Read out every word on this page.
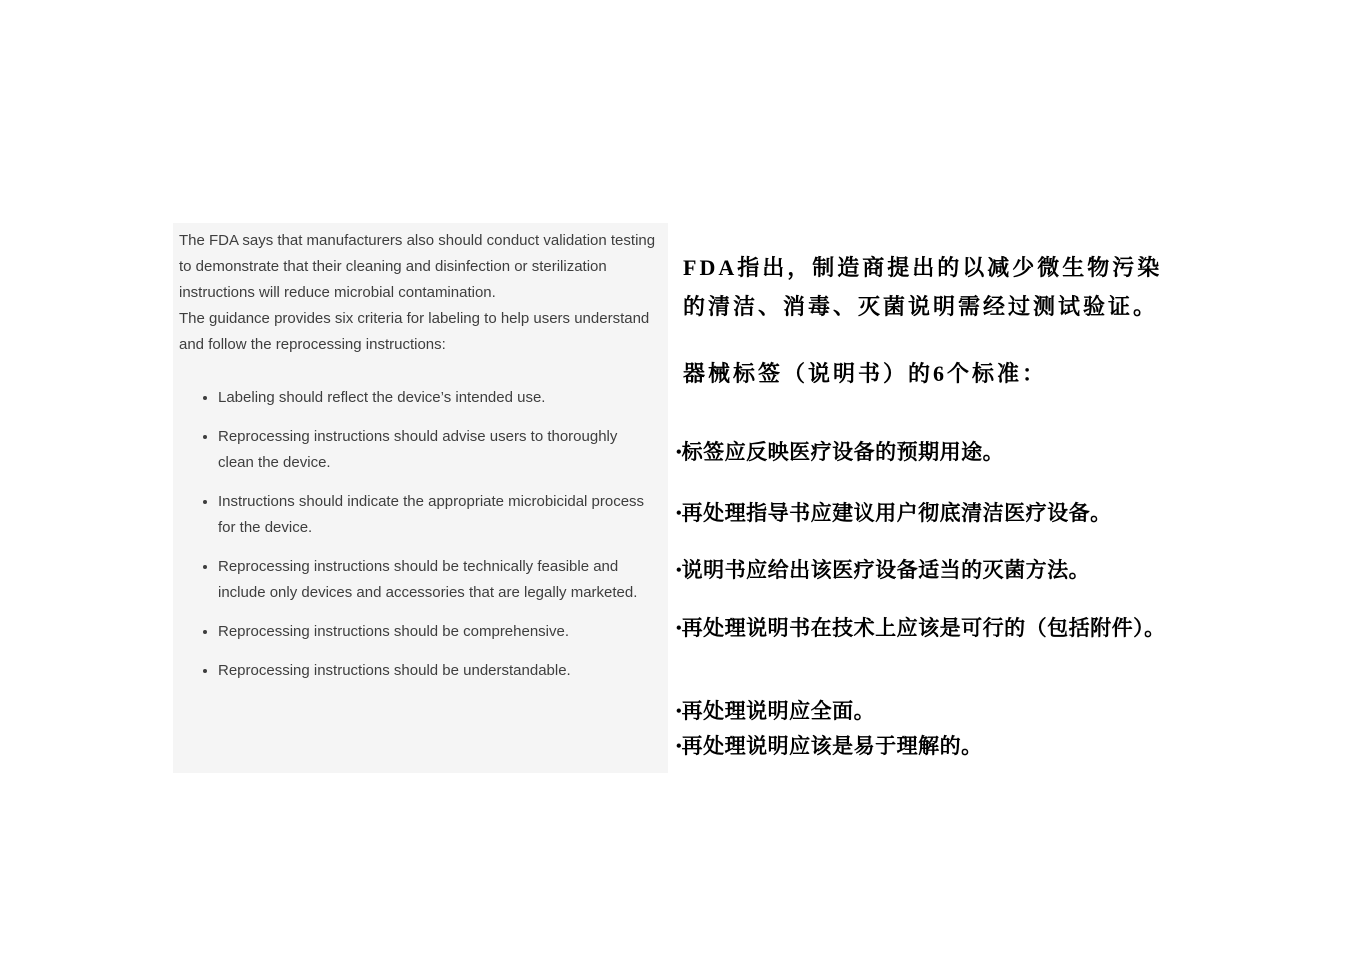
The FDA says that manufacturers also should conduct validation testing to demonstrate that their cleaning and disinfection or sterilization instructions will reduce microbial contamination.

The guidance provides six criteria for labeling to help users understand and follow the reprocessing instructions:

• Labeling should reflect the device’s intended use.
• Reprocessing instructions should advise users to thoroughly clean the device.
• Instructions should indicate the appropriate microbicidal process for the device.
• Reprocessing instructions should be technically feasible and include only devices and accessories that are legally marketed.
• Reprocessing instructions should be comprehensive.
• Reprocessing instructions should be understandable.

FDA指出，制造商提出的以减少微生物污染的清洁、消毒、灭菌说明需经过测试验证。

器械标签（说明书）的6个标准：

•标签应反映医疗设备的预期用途。
•再处理指导书应建议用户彻底清洁医疗设备。
•说明书应给出该医疗设备适当的灭菌方法。
•再处理说明书在技术上应该是可行的（包括附件）。
•再处理说明应全面。
•再处理说明应该是易于理解的。
